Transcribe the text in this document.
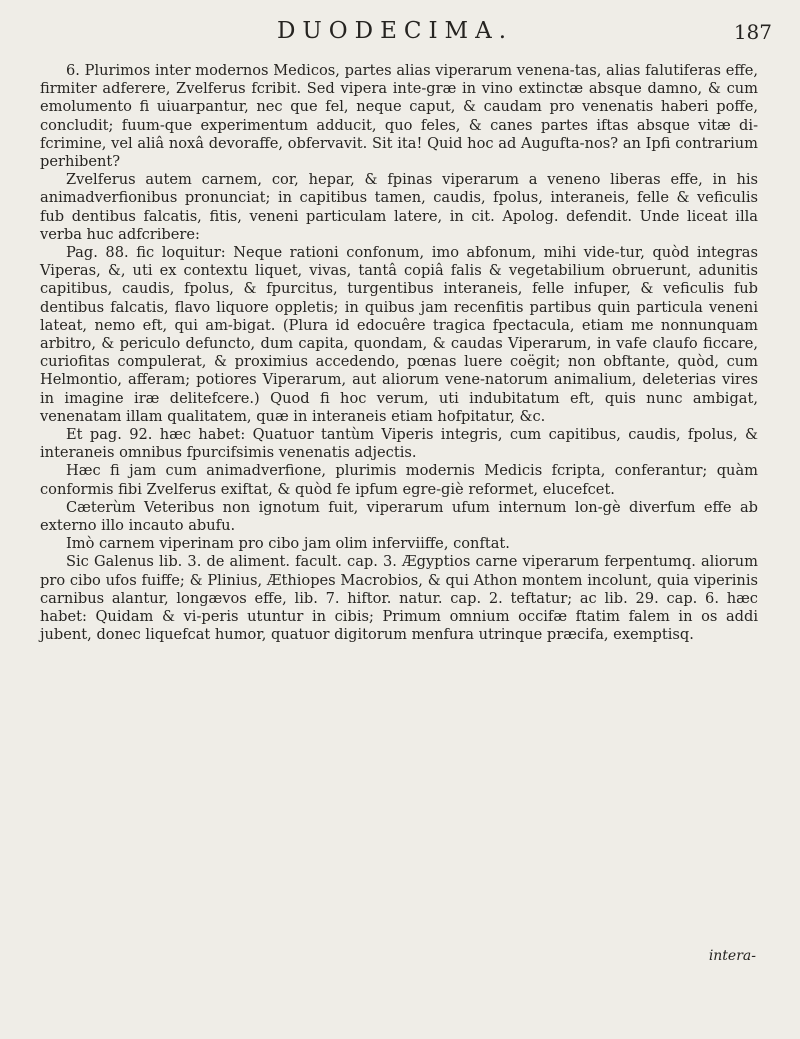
DUODECIMA.	187

6. Plurimos inter modernos Medicos, partes alias viperarum venena-tas, alias falutiferas effe, firmiter adferere, Zvelferus fcribit. Sed vipera inte-græ in vino extinctæ absque damno, & cum emolumento fi uiuarpantur, nec que fel, neque caput, & caudam pro venenatis haberi poffe, concludit; fuum-que experimentum adducit, quo feles, & canes partes iftas absque vitæ di-fcrimine, vel aliâ noxâ devoraffe, obfervavit. Sit ita! Quid hoc ad Augufta-nos? an Ipfi contrarium perhibent?

Zvelferus autem carnem, cor, hepar, & fpinas viperarum a veneno liberas effe, in his animadverfionibus pronunciat; in capitibus tamen, caudis, fpolus, interaneis, felle & veficulis fub dentibus falcatis, fitis, veneni particulam latere, in cit. Apolog. defendit. Unde liceat illa verba huc adfcribere:

Pag. 88. fic loquitur: Neque rationi confonum, imo abfonum, mihi vide-tur, quòd integras Viperas, &, uti ex contextu liquet, vivas, tantâ copiâ falis & vegetabilium obruerunt, adunitis capitibus, caudis, fpolus, & fpurcitus, turgentibus interaneis, felle infuper, & veficulis fub dentibus falcatis, flavo liquore oppletis; in quibus jam recenfitis partibus quin particula veneni lateat, nemo eft, qui am-bigat. (Plura id edocuêre tragica fpectacula, etiam me nonnunquam arbitro, & periculo defuncto, dum capita, quondam, & caudas Viperarum, in vafe claufo ficcare, curiofitas compulerat, & proximius accedendo, pœnas luere coëgit; non obftante, quòd, cum Helmontio, afferam; potiores Viperarum, aut aliorum vene-natorum animalium, deleterias vires in imagine iræ delitefcere.) Quod fi hoc verum, uti indubitatum eft, quis nunc ambigat, venenatam illam qualitatem, quæ in interaneis etiam hofpitatur, &c.

Et pag. 92. hæc habet: Quatuor tantùm Viperis integris, cum capitibus, caudis, fpolus, & interaneis omnibus fpurcifsimis venenatis adjectis.

Hæc fi jam cum animadverfione, plurimis modernis Medicis fcripta, conferantur; quàm conformis fibi Zvelferus exiftat, & quòd fe ipfum egre-giè reformet, elucefcet.

Cæterùm Veteribus non ignotum fuit, viperarum ufum internum lon-gè diverfum effe ab externo illo incauto abufu.

Imò carnem viperinam pro cibo jam olim inferviiffe, conftat.

Sic Galenus lib. 3. de aliment. facult. cap. 3. Ægyptios carne viperarum ferpentumq. aliorum pro cibo ufos fuiffe; & Plinius, Æthiopes Macrobios, & qui Athon montem incolunt, quia viperinis carnibus alantur, longævos effe, lib. 7. hiftor. natur. cap. 2. teftatur; ac lib. 29. cap. 6. hæc habet: Quidam & vi-peris utuntur in cibis; Primum omnium occifæ ftatim falem in os addi jubent, donec liquefcat humor, quatuor digitorum menfura utrinque præcifa, exemptisq.

intera-
